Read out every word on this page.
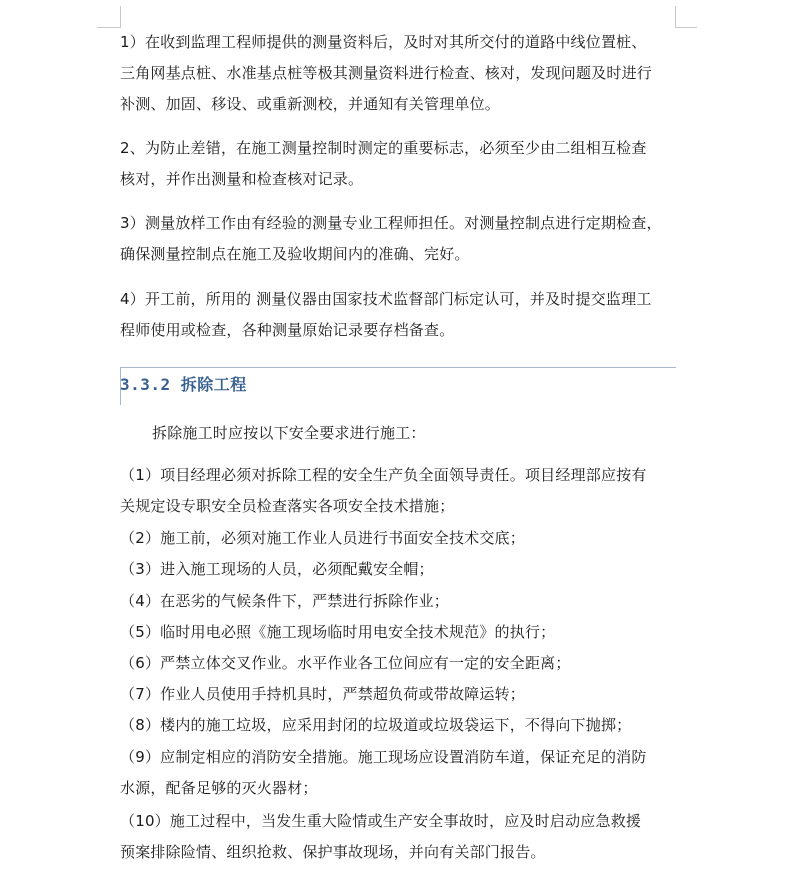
1）在收到监理工程师提供的测量资料后，及时对其所交付的道路中线位置桩、
三角网基点桩、水准基点桩等极其测量资料进行检查、核对，发现问题及时进行
补测、加固、移设、或重新测校，并通知有关管理单位。

2、为防止差错，在施工测量控制时测定的重要标志，必须至少由二组相互检查
核对，并作出测量和检查核对记录。

3）测量放样工作由有经验的测量专业工程师担任。对测量控制点进行定期检查，
确保测量控制点在施工及验收期间内的准确、完好。

4）开工前，所用的 测量仪器由国家技术监督部门标定认可，并及时提交监理工
程师使用或检查，各种测量原始记录要存档备查。

3.3.2 拆除工程

拆除施工时应按以下安全要求进行施工：

（1）项目经理必须对拆除工程的安全生产负全面领导责任。项目经理部应按有
关规定设专职安全员检查落实各项安全技术措施；

（2）施工前，必须对施工作业人员进行书面安全技术交底；

（3）进入施工现场的人员，必须配戴安全帽；

（4）在恶劣的气候条件下，严禁进行拆除作业；

（5）临时用电必照《施工现场临时用电安全技术规范》的执行；

（6）严禁立体交叉作业。水平作业各工位间应有一定的安全距离；

（7）作业人员使用手持机具时，严禁超负荷或带故障运转；

（8）楼内的施工垃圾，应采用封闭的垃圾道或垃圾袋运下，不得向下抛掷；

（9）应制定相应的消防安全措施。施工现场应设置消防车道，保证充足的消防
水源，配备足够的灭火器材；

（10）施工过程中，当发生重大险情或生产安全事故时，应及时启动应急救援
预案排除险情、组织抢救、保护事故现场，并向有关部门报告。
